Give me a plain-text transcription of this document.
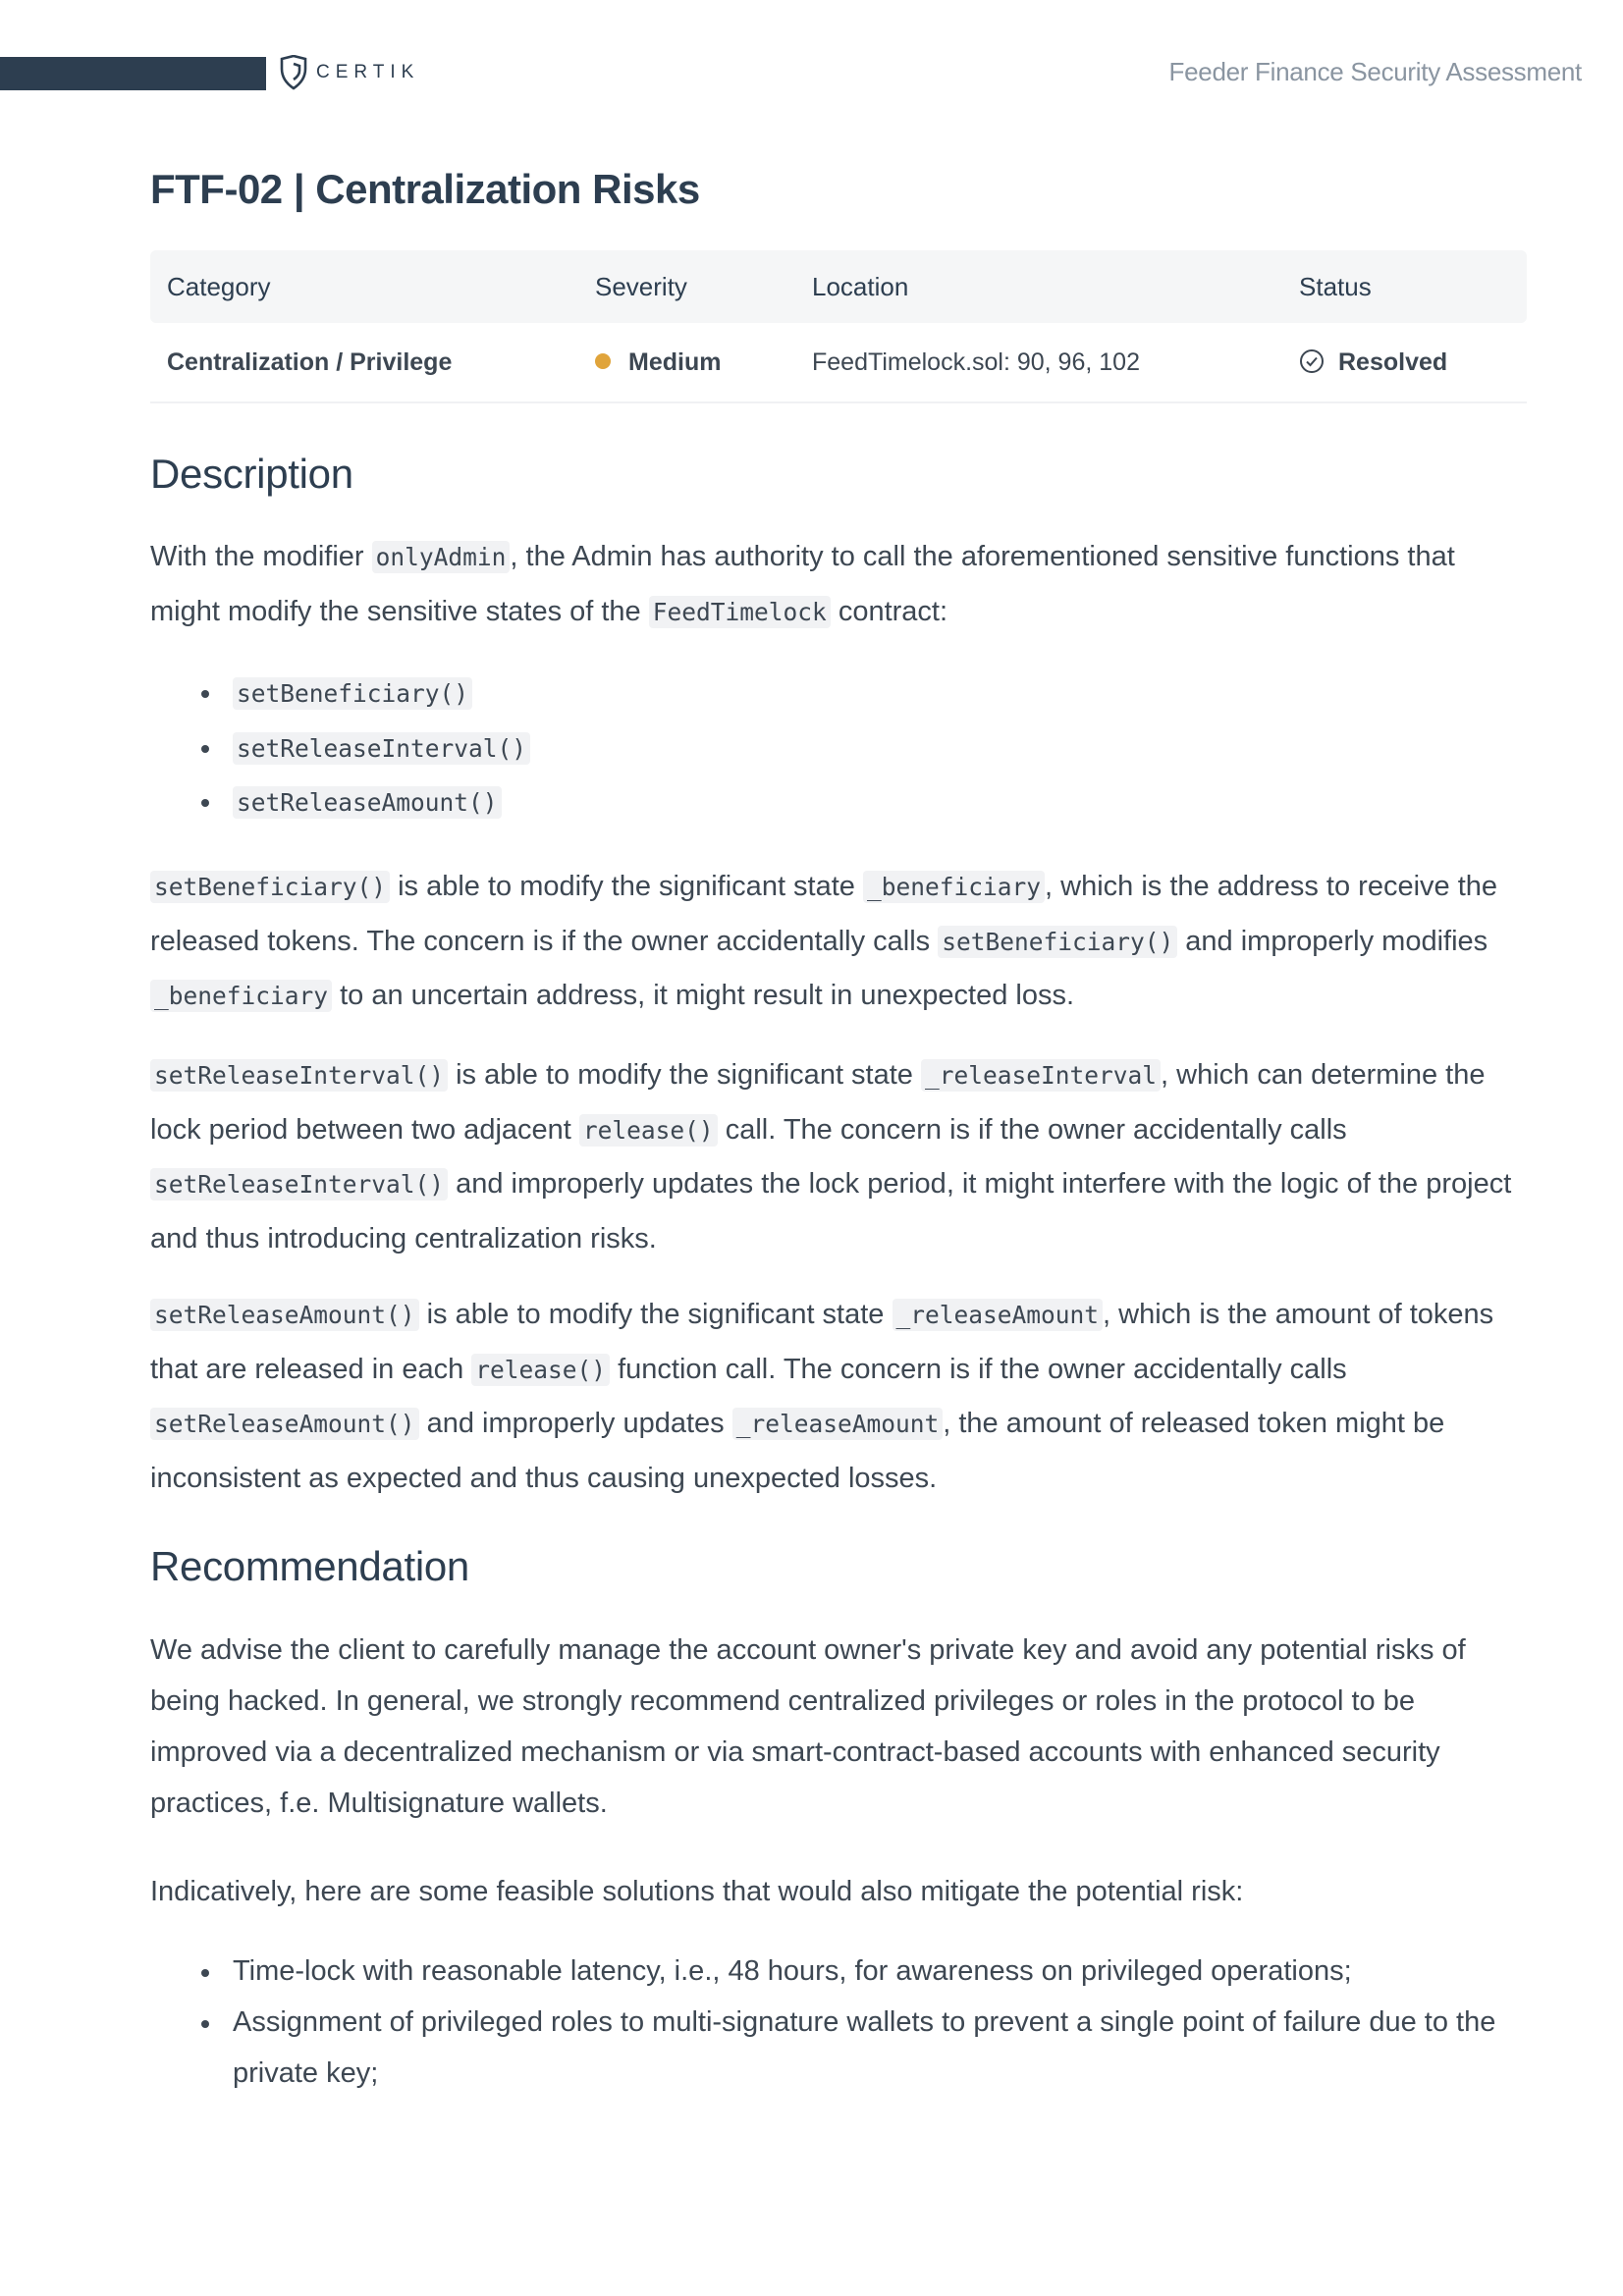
CERTIK	Feeder Finance Security Assessment
FTF-02 | Centralization Risks
Category	Severity	Location	Status
Centralization / Privilege	Medium	FeedTimelock.sol: 90, 96, 102	Resolved
Description

With the modifier onlyAdmin , the Admin has authority to call the aforementioned sensitive functions that might modify the sensitive states of the FeedTimelock contract:

setBeneficiary()
setReleaseInterval()
setReleaseAmount()

setBeneficiary() is able to modify the significant state _beneficiary , which is the address to receive the released tokens. The concern is if the owner accidentally calls setBeneficiary() and improperly modifies _beneficiary to an uncertain address, it might result in unexpected loss.

setReleaseInterval() is able to modify the significant state _releaseInterval , which can determine the lock period between two adjacent release() call. The concern is if the owner accidentally calls setReleaseInterval() and improperly updates the lock period, it might interfere with the logic of the project and thus introducing centralization risks.

setReleaseAmount() is able to modify the significant state _releaseAmount , which is the amount of tokens that are released in each release() function call. The concern is if the owner accidentally calls setReleaseAmount() and improperly updates _releaseAmount , the amount of released token might be inconsistent as expected and thus causing unexpected losses.

Recommendation

We advise the client to carefully manage the account owner's private key and avoid any potential risks of being hacked. In general, we strongly recommend centralized privileges or roles in the protocol to be improved via a decentralized mechanism or via smart-contract-based accounts with enhanced security practices, f.e. Multisignature wallets.

Indicatively, here are some feasible solutions that would also mitigate the potential risk:

Time-lock with reasonable latency, i.e., 48 hours, for awareness on privileged operations;
Assignment of privileged roles to multi-signature wallets to prevent a single point of failure due to the private key;
